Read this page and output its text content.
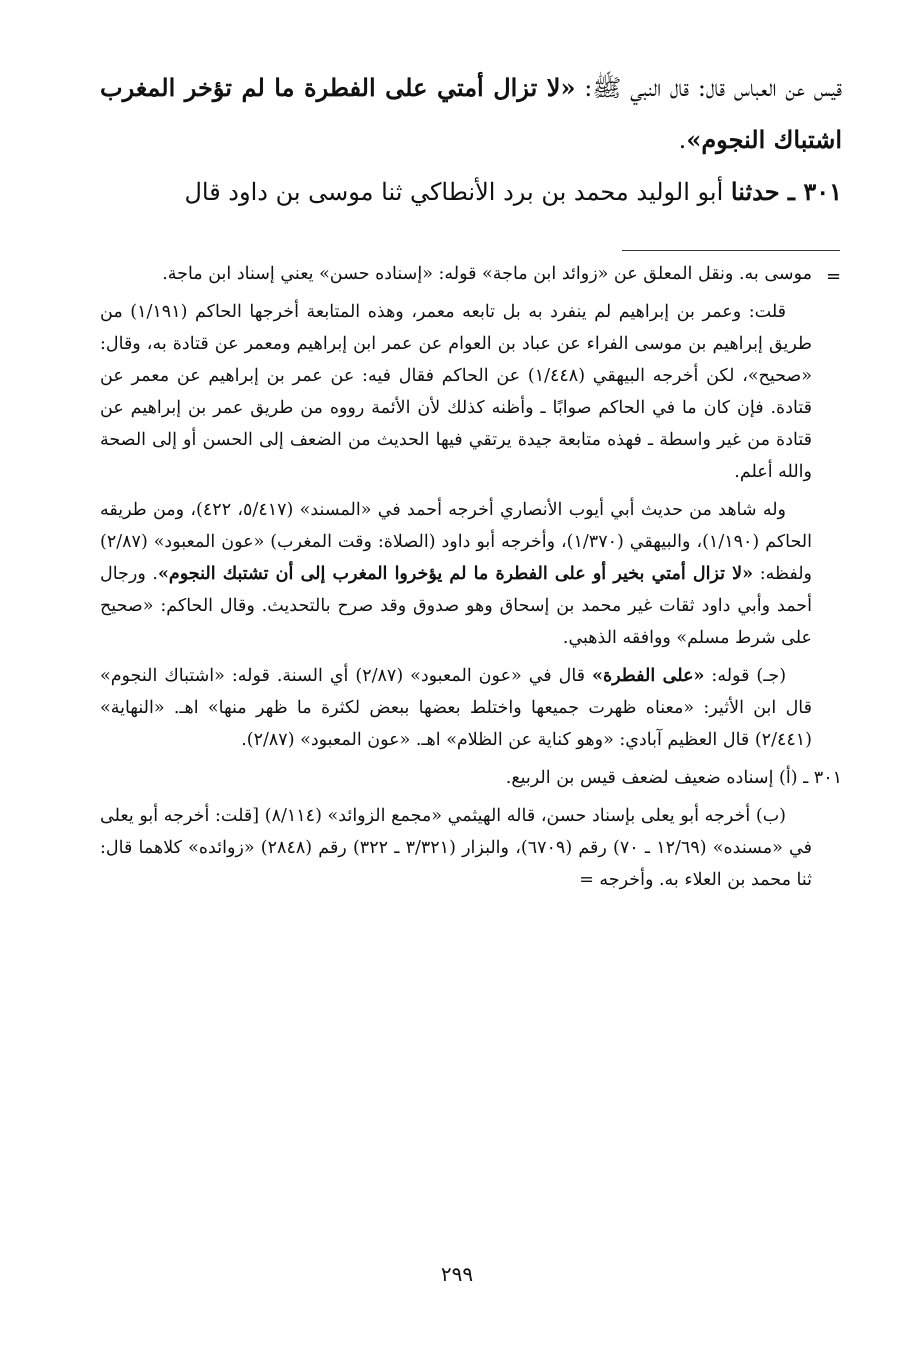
قيس عن العباس قال: قال النبي ﷺ: «لا تزال أمتي على الفطرة ما لم تؤخر المغرب اشتباك النجوم».

٣٠١ ـ حدثنا أبو الوليد محمد بن برد الأنطاكي ثنا موسى بن داود قال

=

موسى به. ونقل المعلق عن «زوائد ابن ماجة» قوله: «إسناده حسن» يعني إسناد ابن ماجة.

قلت: وعمر بن إبراهيم لم ينفرد به بل تابعه معمر، وهذه المتابعة أخرجها الحاكم (١/١٩١) من طريق إبراهيم بن موسى الفراء عن عباد بن العوام عن عمر ابن إبراهيم ومعمر عن قتادة به، وقال: «صحيح»، لكن أخرجه البيهقي (١/٤٤٨) عن الحاكم فقال فيه: عن عمر بن إبراهيم عن معمر عن قتادة. فإن كان ما في الحاكم صوابًا ـ وأظنه كذلك لأن الأئمة رووه من طريق عمر بن إبراهيم عن قتادة من غير واسطة ـ فهذه متابعة جيدة يرتقي فيها الحديث من الضعف إلى الحسن أو إلى الصحة والله أعلم.

وله شاهد من حديث أبي أيوب الأنصاري أخرجه أحمد في «المسند» (٥/٤١٧، ٤٢٢)، ومن طريقه الحاكم (١/١٩٠)، والبيهقي (١/٣٧٠)، وأخرجه أبو داود (الصلاة: وقت المغرب) «عون المعبود» (٢/٨٧) ولفظه: «لا تزال أمتي بخير أو على الفطرة ما لم يؤخروا المغرب إلى أن تشتبك النجوم». ورجال أحمد وأبي داود ثقات غير محمد بن إسحاق وهو صدوق وقد صرح بالتحديث. وقال الحاكم: «صحيح على شرط مسلم» ووافقه الذهبي.

(جـ) قوله: «على الفطرة» قال في «عون المعبود» (٢/٨٧) أي السنة. قوله: «اشتباك النجوم» قال ابن الأثير: «معناه ظهرت جميعها واختلط بعضها ببعض لكثرة ما ظهر منها» اهـ. «النهاية» (٢/٤٤١) قال العظيم آبادي: «وهو كناية عن الظلام» اهـ. «عون المعبود» (٢/٨٧).

٣٠١ ـ (أ) إسناده ضعيف لضعف قيس بن الربيع.

(ب) أخرجه أبو يعلى بإسناد حسن، قاله الهيثمي «مجمع الزوائد» (٨/١١٤) [قلت: أخرجه أبو يعلى في «مسنده» (١٢/٦٩ ـ ٧٠) رقم (٦٧٠٩)، والبزار (٣/٣٢١ ـ ٣٢٢) رقم (٢٨٤٨) «زوائده» كلاهما قال: ثنا محمد بن العلاء به. وأخرجه =

٢٩٩
